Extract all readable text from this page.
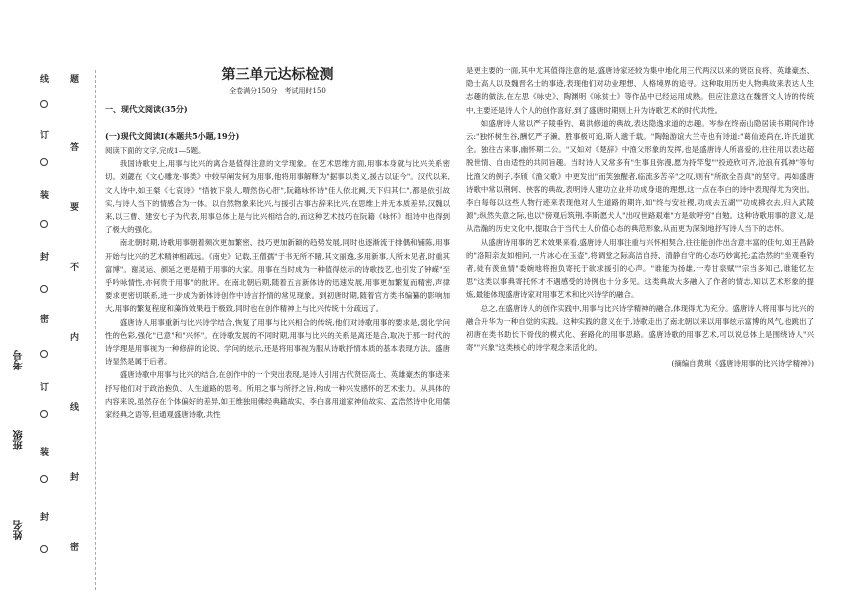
线
订
装
封
密
订
装
封
题
答
要
不
内
线
封
密
考号
班级
姓名
第三单元达标检测
全卷满分150分　考试用时150
一、现代文阅读(35分)
(一)现代文阅读Ⅰ(本题共5小题,19分)

阅读下面的文字,完成1—5题。

我国诗歌史上,用事与比兴的离合是值得注意的文学现象。在艺术思维方面,用事本身就与比兴关系密切。刘勰在《文心雕龙·事类》中较早阐发何为用事,他将用事解释为"据事以类义,援古以证今"。汉代以来,文人诗中,如王粲《七哀诗》"悟彼下泉人,喟然伤心肝",阮籍咏怀诗"佳人依北阙,天下归其仁",都是依引故实,与诗人当下的情感合为一体。以自然物象来比兴,与援引古事古辞来比兴,在思维上并无本质差异,汉魏以来,以三曹、建安七子为代表,用事总体上是与比兴相结合的,而这种艺术技巧在阮籍《咏怀》组诗中也得到了极大的强化。

南北朝时期,诗歌用事朝着频次更加繁密、技巧更加新颖的趋势发展,同时也逐渐流于排偶和铺陈,用事开始与比兴的艺术精神相疏远。《南史》记载,王僧孺"于书无所不睹,其文丽逸,多用新事,人所未见者,时重其富博"。谢灵运、颜延之更是精于用事的大家。用事在当时成为一种值得炫示的诗歌技艺,也引发了钟嵘"至乎吟咏情性,亦何贵于用事"的批评。在南北朝后期,随着五言新体诗的迅速发展,用事更加繁复而精密,声律要求更密切联系,进一步成为新体诗创作中诗言抒情的常见现象。到初唐时期,随着官方类书编纂的影响加大,用事的繁复程度和藻饰效果趋于极致,同时也在创作精神上与比兴传统十分疏远了。

盛唐诗人用事重新与比兴诗学结合,恢复了用事与比兴相合的传统,他们对诗歌用事的要求是,弱化学问性的色彩,强化"已意"和"兴怀"。在诗歌发展的不同时期,用事与比兴的关系是离还是合,取决于那一时代的诗学理是用事视为一种修辞的论说、学问的炫示,还是将用事视为服从诗歌抒情本质的基本表现方法。盛唐诗显然是属于后者。

盛唐诗歌中用事与比兴的结合,在创作中的一个突出表现,是诗人引用古代贤臣高士、英雄豪杰的事迹来抒写他们对于政治抱负、人生道路的思考。所用之事与所抒之旨,构成一种兴发感怀的艺术张力。从具体的内容来说,虽然存在个体偏好的差异,如王维独用佛经典籍故实、李白喜用道家神仙故实、孟浩然诗中化用儒家经典之语等,但通观盛唐诗歌,共性

是更主要的一面,其中尤其值得注意的是,盛唐诗家还较为集中地化用三代两汉以来的贤臣良将、英雄豪杰、隐士高人以及魏晋名士的事迹,表现他们对功业理想、人格境界的追寻。这种取用历史人物典故来表达人生志趣的做法,在左思《咏史》、陶渊明《咏贫士》等作品中已经运用成熟。但应注意这在魏晋文人诗的传统中,主要还是诗人个人的创作喜好,到了盛唐时期则上升为诗歌艺术的时代共性。

如盛唐诗人常以严子陵垂钓、葛洪修道的典故,表达隐逸求道的志趣。岑参在终南山隐居读书期间作诗云:"独怀树生谷,酬忆严子濑。胜事极可追,斯人邈千载。"陶翰游谊大兰寺也有诗道:"葛仙迹尚在,许氏道犹全。独往古来事,幽怀期二公。"又如对《楚辞》中渔父形象的发挥,也是盛唐诗人所喜爱的,往往用以表达超脱世情、自由适性的共同旨趣。当时诗人又常多有"生事且弥漫,愿为持竿叟""投迹欣可齐,沧浪有孤神"等句比渔父的例子,李颀《渔父歌》中更发出"而笑独醒者,临流多苦辛"之叹,则有"所欲全吾真"的坚守。再如盛唐诗歌中常以荆轲、侠客的典故,表明诗人建功立业并功成身退的理想,这一点在李白的诗中表现得尤为突出。李白每每以这些人物行迹来表现他对人生道路的期许,如"终与安社稷,功成去五湖""功成拂衣去,归入武陵源";纵然失意之际,也以"傍观后筑荆,李斯愿犬人"出叹世路艰难"方是欲呼穷"自勉。这种诗歌用事的意义,是从浩瀚的历史文化中,提取合于当代士人价值心态的典范形象,从而更为深刻地抒写诗人当下的志怀。

从盛唐诗用事的艺术效果来看,盛唐诗人用事注重与兴怀相契合,往往能创作出含意丰富的佳句,如王昌龄的"洛阳亲友如相问,一片冰心在玉壶",将调堂之际高洁自持、清静自守的心态巧妙寓托;孟浩然的"坐观垂钓者,徒有羡鱼情"委婉地将抱负寄托于欲求援引的心声。"谁能为扬雄,一寿甘泉赋""宗当多知己,谁能忆左思"这类以事典寄托怀才不遇感受的诗例也十分多见。这类典故大多融入了作者的情志,知以艺术形象的提炼,最能体现盛唐诗家对用事艺术和比兴诗学的融合。

总之,在盛唐诗人的创作实践中,用事与比兴诗学精神的融合,体现得尤为充分。盛唐诗人将用事与比兴的融合升华为一种自觉的实践。这种实践的意义在于,诗歌走出了南北朝以来以用事炫示富博的风气,也跳出了初唐在类书助长下骨伐的模式化、套路化的用事思路。盛唐诗歌的用事艺术,可以说总体上是围绕诗人"兴寄""兴象"这类核心的诗学观念来活化的。

(摘编自黄琪《盛唐诗用事的比兴诗学精神》)
